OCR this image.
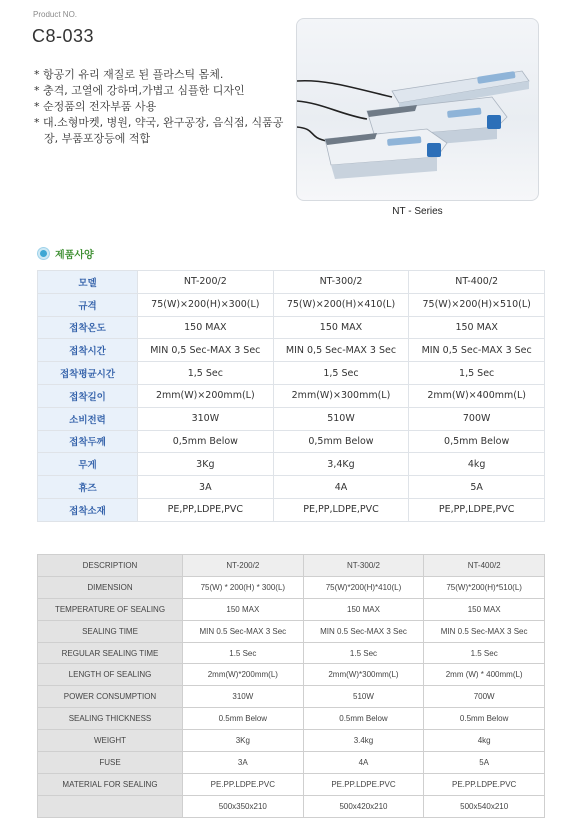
Product NO.
C8-033
* 항공기 유리 재질로 된 플라스틱 몸체.
* 충격, 고열에 강하며,가볍고 심플한 디자인
* 순정품의 전자부품 사용
* 대.소형마켓, 병원, 약국, 완구공장, 음식점, 식품공장, 부품포장등에 적합
NT - Series
제품사양
모델	NT-200/2	NT-300/2	NT-400/2
규격	75(W)×200(H)×300(L)	75(W)×200(H)×410(L)	75(W)×200(H)×510(L)
접착온도	150 MAX	150 MAX	150 MAX
접착시간	MIN 0,5 Sec-MAX 3 Sec	MIN 0,5 Sec-MAX 3 Sec	MIN 0,5 Sec-MAX 3 Sec
접착평균시간	1,5 Sec	1,5 Sec	1,5 Sec
접착길이	2mm(W)×200mm(L)	2mm(W)×300mm(L)	2mm(W)×400mm(L)
소비전력	310W	510W	700W
접착두께	0,5mm Below	0,5mm Below	0,5mm Below
무게	3Kg	3,4Kg	4kg
휴즈	3A	4A	5A
접착소재	PE,PP,LDPE,PVC	PE,PP,LDPE,PVC	PE,PP,LDPE,PVC
DESCRIPTION	NT-200/2	NT-300/2	NT-400/2
DIMENSION	75(W) * 200(H) * 300(L)	75(W)*200(H)*410(L)	75(W)*200(H)*510(L)
TEMPERATURE OF SEALING	150 MAX	150 MAX	150 MAX
SEALING TIME	MIN 0.5 Sec-MAX 3 Sec	MIN 0.5 Sec-MAX 3 Sec	MIN 0.5 Sec-MAX 3 Sec
REGULAR SEALING TIME	1.5 Sec	1.5 Sec	1.5 Sec
LENGTH OF SEALING	2mm(W)*200mm(L)	2mm(W)*300mm(L)	2mm (W) * 400mm(L)
POWER CONSUMPTION	310W	510W	700W
SEALING THICKNESS	0.5mm Below	0.5mm Below	0.5mm Below
WEIGHT	3Kg	3.4kg	4kg
FUSE	3A	4A	5A
MATERIAL FOR SEALING	PE.PP.LDPE.PVC	PE.PP.LDPE.PVC	PE.PP.LDPE.PVC
	500x350x210	500x420x210	500x540x210
